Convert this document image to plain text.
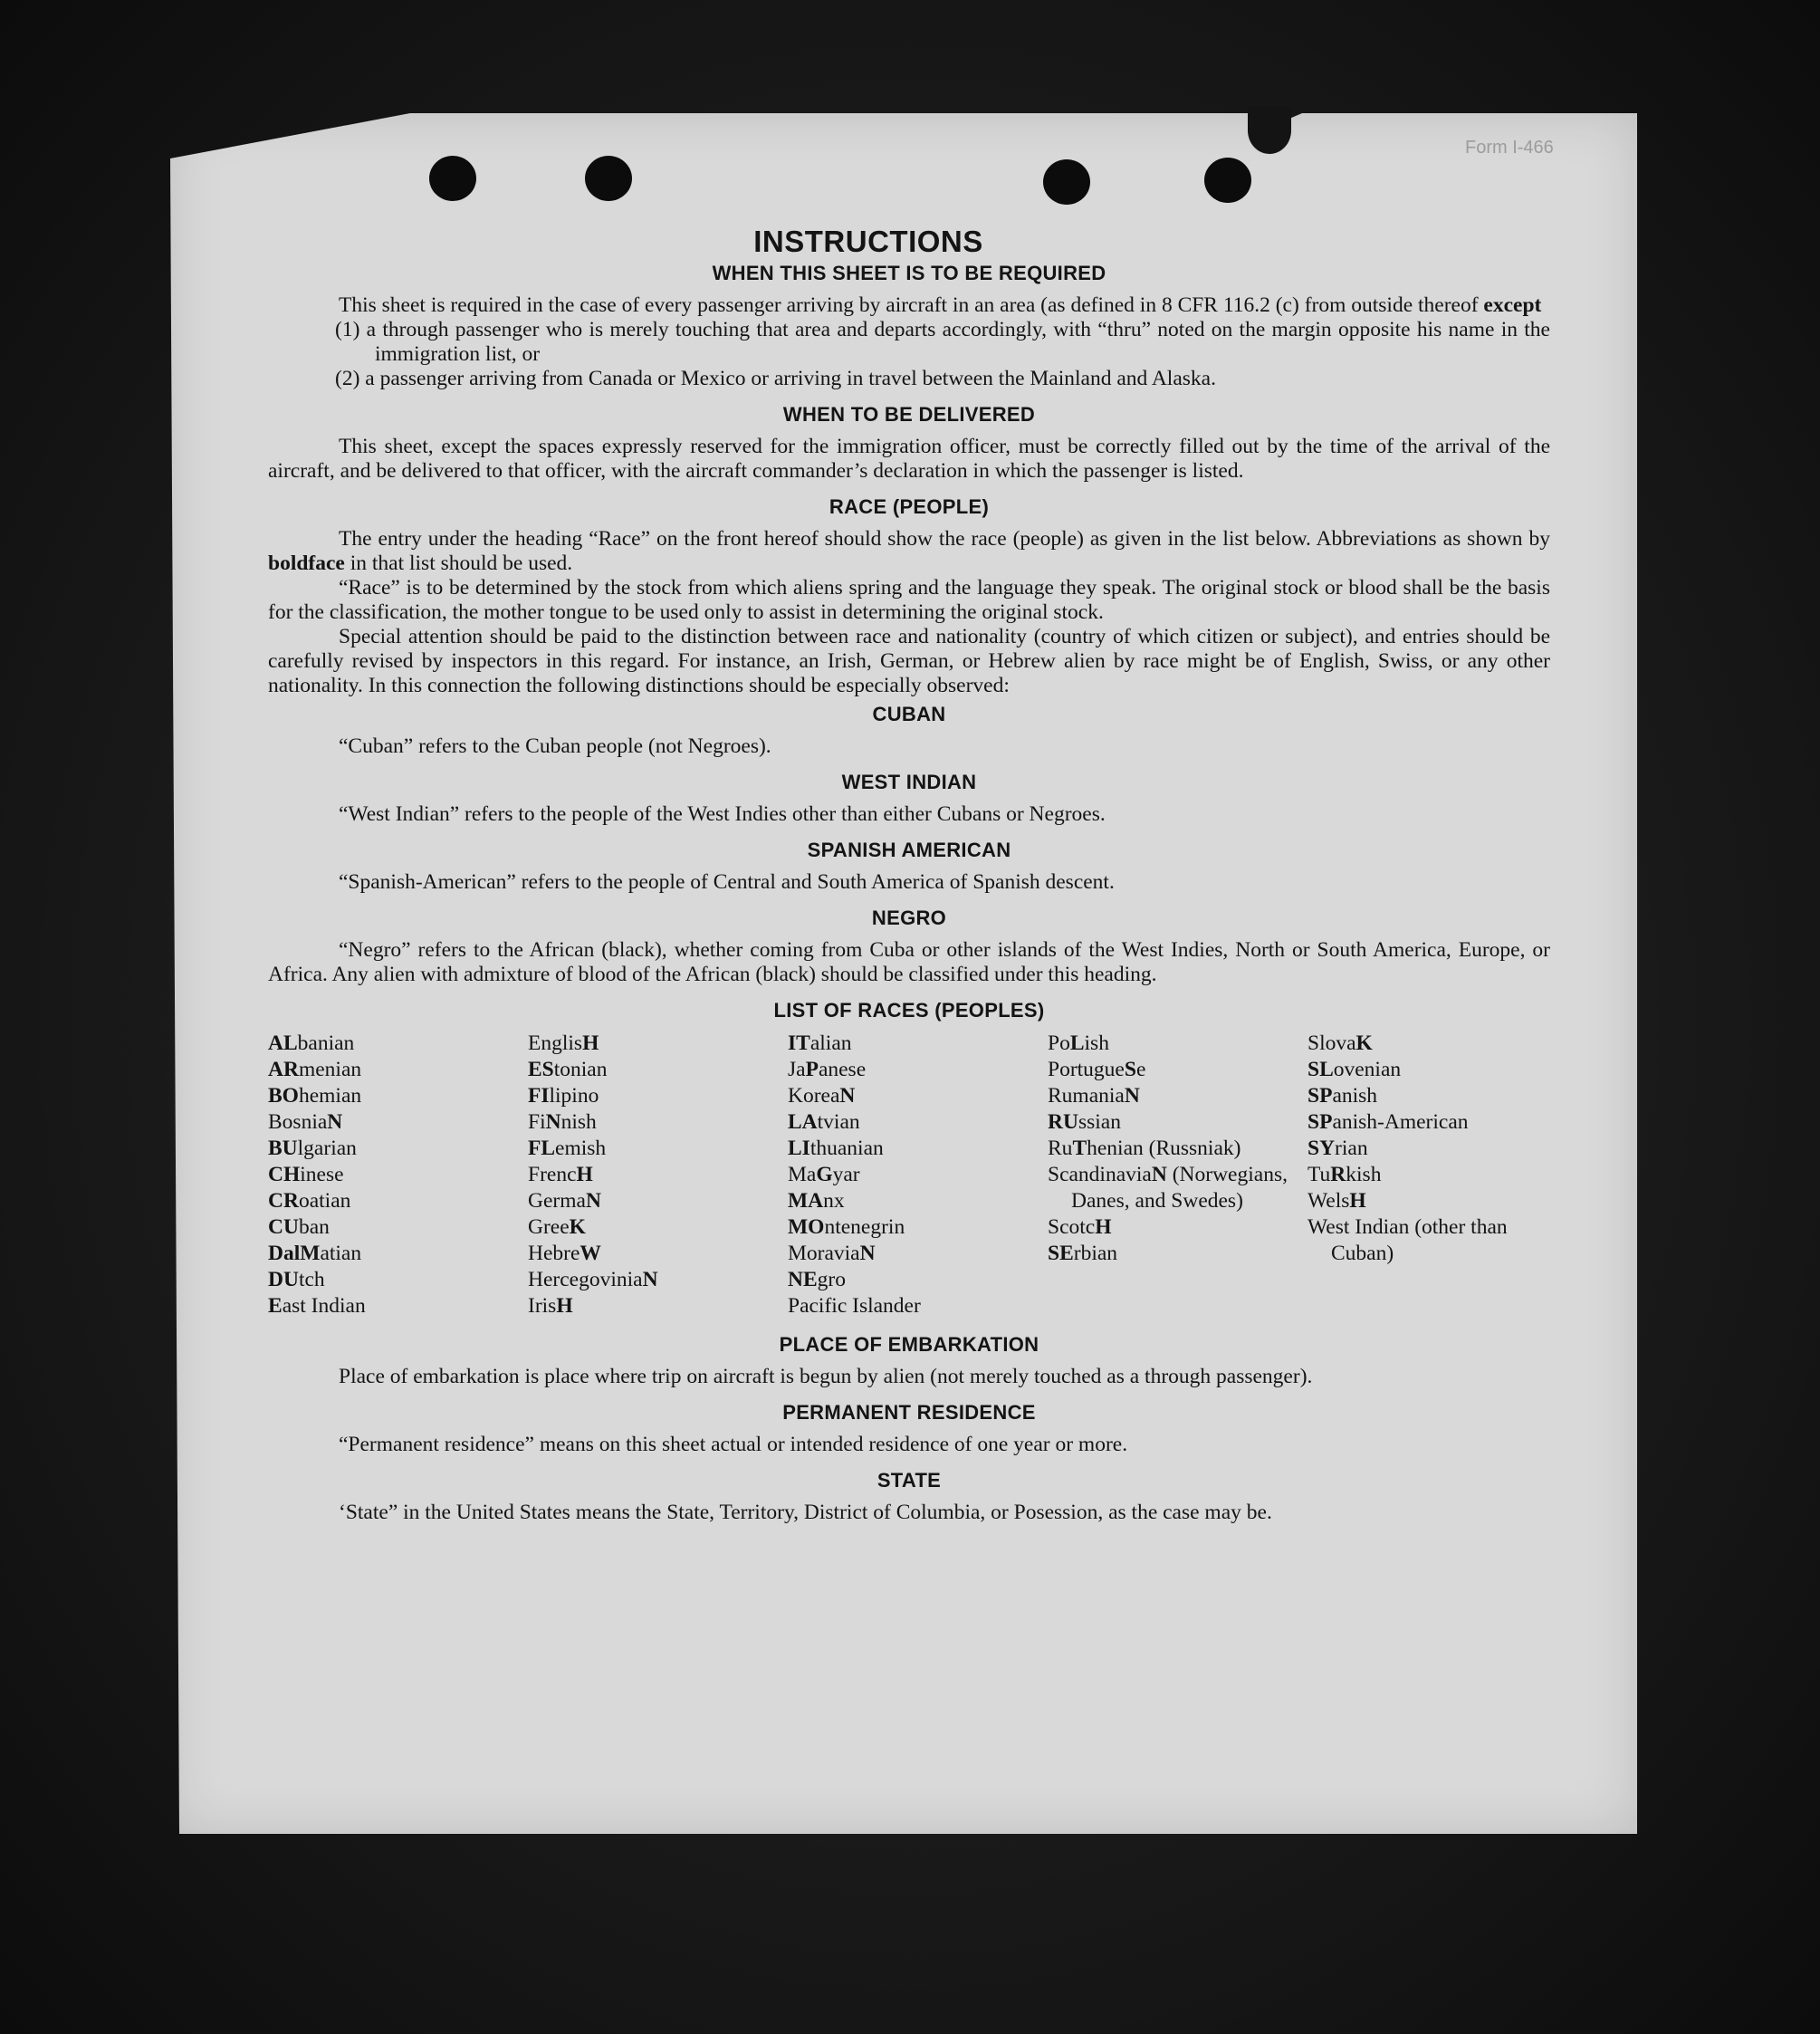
Form I-466
INSTRUCTIONS
WHEN THIS SHEET IS TO BE REQUIRED

This sheet is required in the case of every passenger arriving by aircraft in an area (as defined in 8 CFR 116.2 (c) from outside thereof except

(1) a through passenger who is merely touching that area and departs accordingly, with “thru” noted on the margin opposite his name in the immigration list, or
(2) a passenger arriving from Canada or Mexico or arriving in travel between the Mainland and Alaska.
WHEN TO BE DELIVERED

This sheet, except the spaces expressly reserved for the immigration officer, must be correctly filled out by the time of the arrival of the aircraft, and be delivered to that officer, with the aircraft commander’s declaration in which the passenger is listed.

RACE (PEOPLE)

The entry under the heading “Race” on the front hereof should show the race (people) as given in the list below. Abbreviations as shown by boldface in that list should be used.

“Race” is to be determined by the stock from which aliens spring and the language they speak. The original stock or blood shall be the basis for the classification, the mother tongue to be used only to assist in determining the original stock.

Special attention should be paid to the distinction between race and nationality (country of which citizen or subject), and entries should be carefully revised by inspectors in this regard. For instance, an Irish, German, or Hebrew alien by race might be of English, Swiss, or any other nationality. In this connection the following distinctions should be especially observed:

CUBAN

“Cuban” refers to the Cuban people (not Negroes).

WEST INDIAN

“West Indian” refers to the people of the West Indies other than either Cubans or Negroes.

SPANISH AMERICAN

“Spanish-American” refers to the people of Central and South America of Spanish descent.

NEGRO

“Negro” refers to the African (black), whether coming from Cuba or other islands of the West Indies, North or South America, Europe, or Africa. Any alien with admixture of blood of the African (black) should be classified under this heading.

LIST OF RACES (PEOPLES)
ALbanian
ARmenian
BOhemian
BosniaN
BUlgarian
CHinese
CRoatian
CUban
DalMatian
DUtch
East Indian
EnglisH
EStonian
FIlipino
FiNnish
FLemish
FrencH
GermaN
GreeK
HebreW
HercegoviniaN
IrisH
ITalian
JaPanese
KoreaN
LAtvian
LIthuanian
MaGyar
MAnx
MOntenegrin
MoraviaN
NEgro
Pacific Islander
PoLish
PortugueSe
RumaniaN
RUssian
RuThenian (Russniak)
ScandinaviaN (Norwegians, Danes, and Swedes)
ScotcH
SErbian
SlovaK
SLovenian
SPanish
SPanish-American
SYrian
TuRkish
WelsH
West Indian (other than Cuban)
PLACE OF EMBARKATION

Place of embarkation is place where trip on aircraft is begun by alien (not merely touched as a through passenger).

PERMANENT RESIDENCE

“Permanent residence” means on this sheet actual or intended residence of one year or more.

STATE

‘State” in the United States means the State, Territory, District of Columbia, or Posession, as the case may be.
